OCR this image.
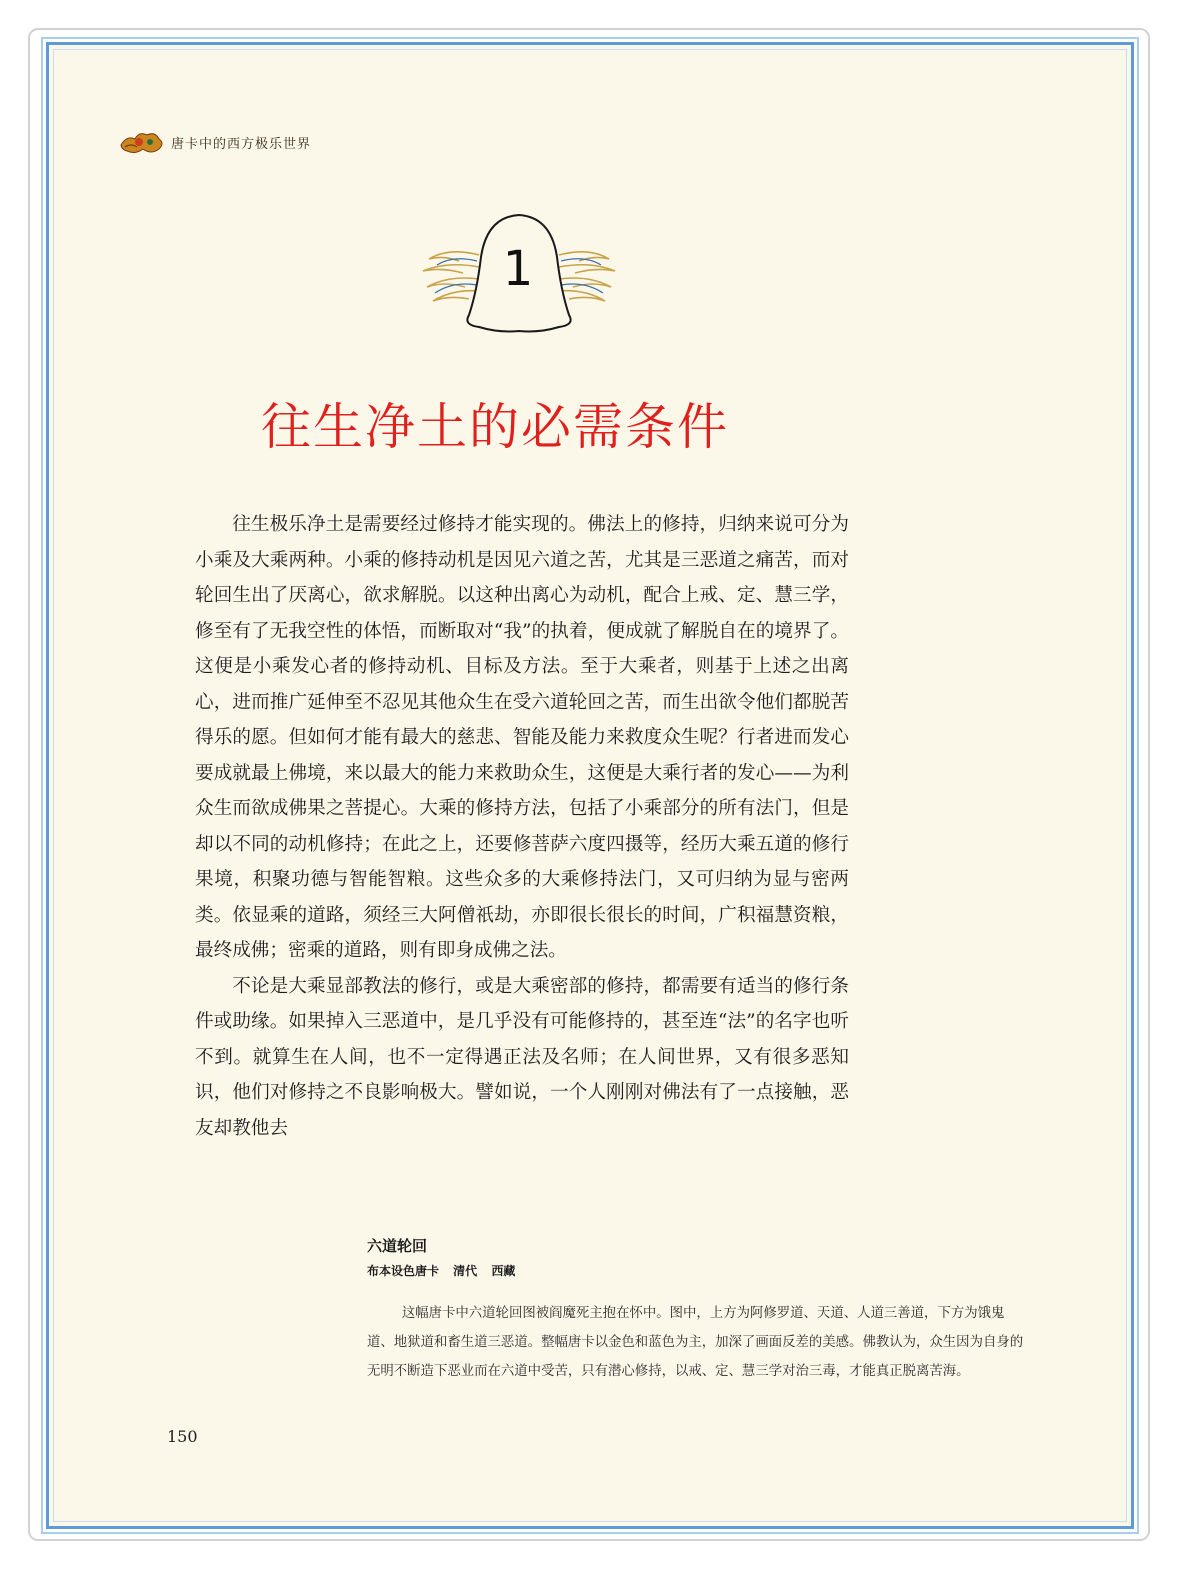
唐卡中的西方极乐世界
1
往生净土的必需条件

往生极乐净土是需要经过修持才能实现的。佛法上的修持，归纳来说可分为小乘及大乘两种。小乘的修持动机是因见六道之苦，尤其是三恶道之痛苦，而对轮回生出了厌离心，欲求解脱。以这种出离心为动机，配合上戒、定、慧三学，修至有了无我空性的体悟，而断取对“我”的执着，便成就了解脱自在的境界了。这便是小乘发心者的修持动机、目标及方法。至于大乘者，则基于上述之出离心，进而推广延伸至不忍见其他众生在受六道轮回之苦，而生出欲令他们都脱苦得乐的愿。但如何才能有最大的慈悲、智能及能力来救度众生呢？行者进而发心要成就最上佛境，来以最大的能力来救助众生，这便是大乘行者的发心——为利众生而欲成佛果之菩提心。大乘的修持方法，包括了小乘部分的所有法门，但是却以不同的动机修持；在此之上，还要修菩萨六度四摄等，经历大乘五道的修行果境，积聚功德与智能智粮。这些众多的大乘修持法门，又可归纳为显与密两类。依显乘的道路，须经三大阿僧祇劫，亦即很长很长的时间，广积福慧资粮，最终成佛；密乘的道路，则有即身成佛之法。

不论是大乘显部教法的修行，或是大乘密部的修持，都需要有适当的修行条件或助缘。如果掉入三恶道中，是几乎没有可能修持的，甚至连“法”的名字也听不到。就算生在人间，也不一定得遇正法及名师；在人间世界，又有很多恶知识，他们对修持之不良影响极大。譬如说，一个人刚刚对佛法有了一点接触，恶友却教他去

六道轮回
布本设色唐卡 清代 西藏
这幅唐卡中六道轮回图被阎魔死主抱在怀中。图中，上方为阿修罗道、天道、人道三善道，下方为饿鬼道、地狱道和畜生道三恶道。整幅唐卡以金色和蓝色为主，加深了画面反差的美感。佛教认为，众生因为自身的无明不断造下恶业而在六道中受苦，只有潜心修持，以戒、定、慧三学对治三毒，才能真正脱离苦海。
150
